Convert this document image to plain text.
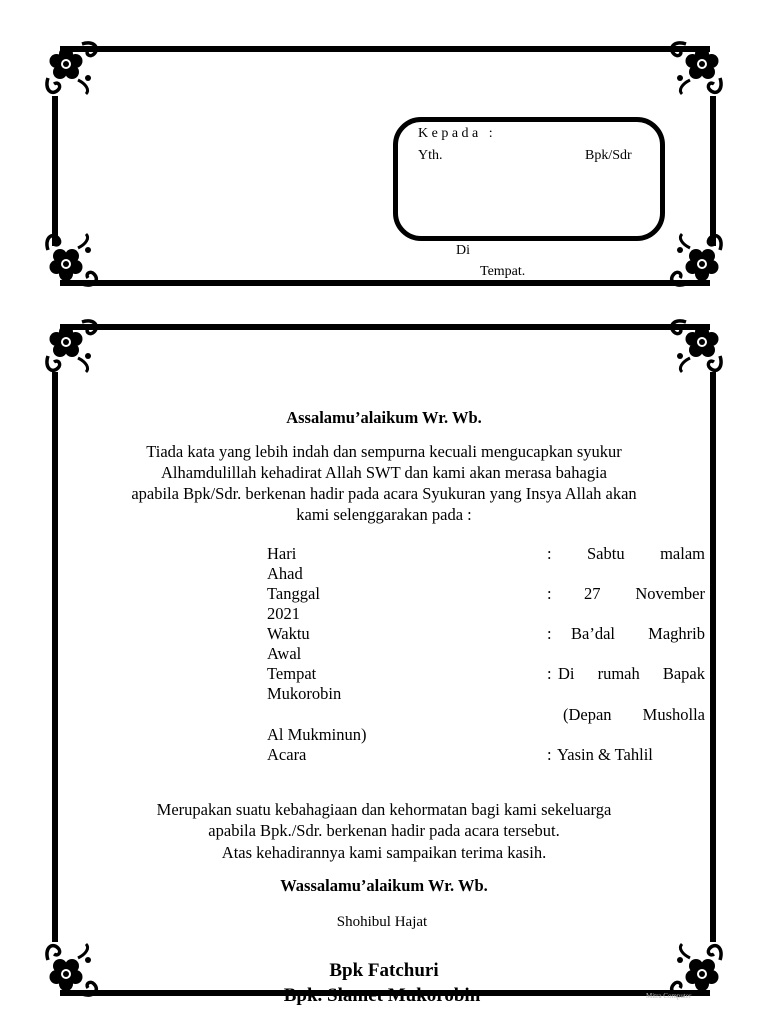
K e p a d a   :
Yth.	Bpk/Sdr
Di
Tempat.
Assalamu’alaikum Wr. Wb.
Tiada kata yang lebih indah dan sempurna kecuali mengucapkan syukur
Alhamdulillah kehadirat Allah SWT dan kami akan merasa bahagia
apabila Bpk/Sdr. berkenan hadir pada acara Syukuran yang Insya Allah akan
kami selenggarakan pada :
Hari	: Sabtu malam
Ahad
Tanggal	: 27 November
2021
Waktu	: Ba’dal Maghrib
Awal
Tempat	: Di rumah Bapak
Mukorobin
(Depan Musholla
Al Mukminun)
Acara	: Yasin & Tahlil
Merupakan suatu kebahagiaan dan kehormatan bagi kami sekeluarga
apabila Bpk./Sdr. berkenan hadir pada acara tersebut.
Atas kehadirannya kami sampaikan terima kasih.
Wassalamu’alaikum Wr. Wb.
Shohibul Hajat
Bpk Fatchuri
Bpk. Slamet Mukorobin	Mitra Computer
